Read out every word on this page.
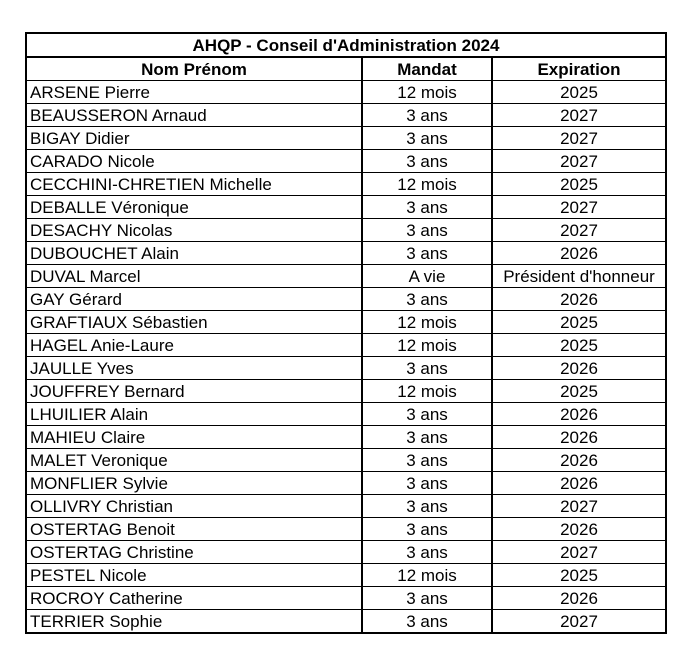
AHQP - Conseil d'Administration 2024		
Nom Prénom	Mandat	Expiration
ARSENE Pierre	12 mois	2025
BEAUSSERON Arnaud	3 ans	2027
BIGAY Didier	3 ans	2027
CARADO Nicole	3 ans	2027
CECCHINI-CHRETIEN Michelle	12 mois	2025
DEBALLE Véronique	3 ans	2027
DESACHY Nicolas	3 ans	2027
DUBOUCHET Alain	3 ans	2026
DUVAL Marcel	A vie	Président d'honneur
GAY Gérard	3 ans	2026
GRAFTIAUX Sébastien	12 mois	2025
HAGEL Anie-Laure	12 mois	2025
JAULLE Yves	3 ans	2026
JOUFFREY Bernard	12 mois	2025
LHUILIER Alain	3 ans	2026
MAHIEU Claire	3 ans	2026
MALET Veronique	3 ans	2026
MONFLIER Sylvie	3 ans	2026
OLLIVRY Christian	3 ans	2027
OSTERTAG Benoit	3 ans	2026
OSTERTAG Christine	3 ans	2027
PESTEL Nicole	12 mois	2025
ROCROY Catherine	3 ans	2026
TERRIER Sophie	3 ans	2027
